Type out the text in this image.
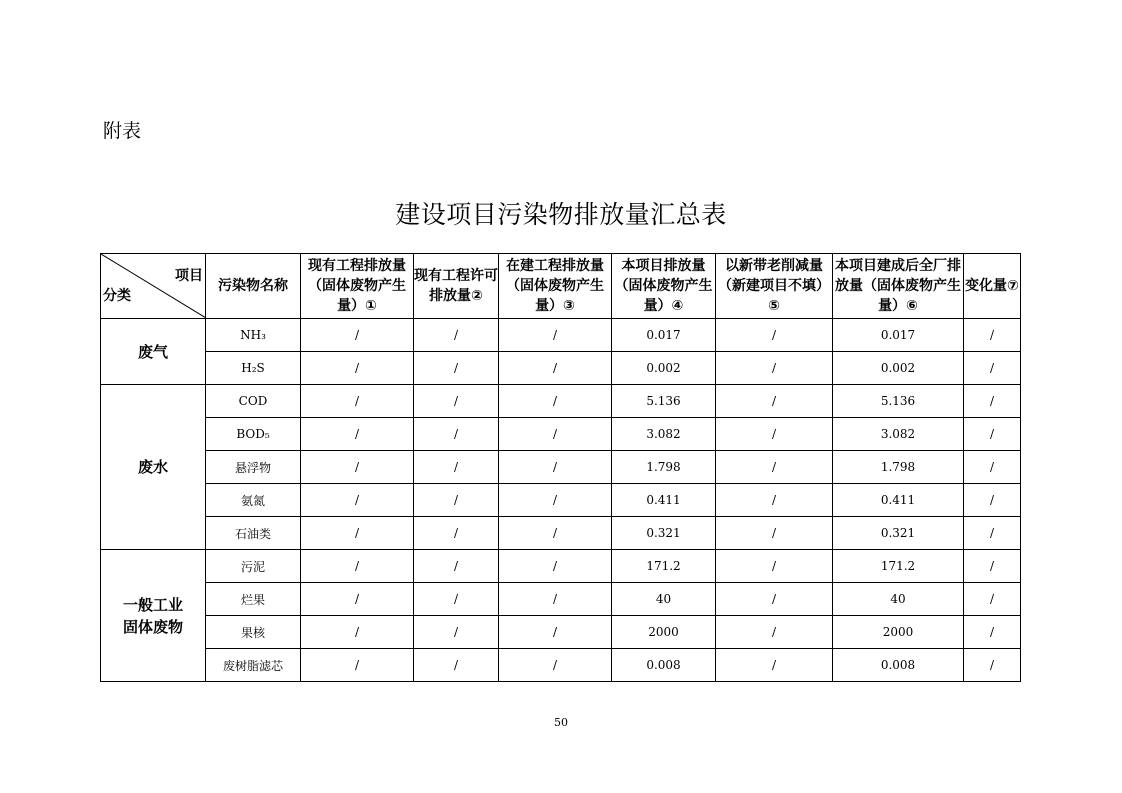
附表
建设项目污染物排放量汇总表
项目
分类	污染物名称	现有工程排放量（固体废物产生量）①	现有工程许可排放量②	在建工程排放量（固体废物产生量）③	本项目排放量（固体废物产生量）④	以新带老削减量（新建项目不填）⑤	本项目建成后全厂排放量（固体废物产生量）⑥	变化量⑦
废气	NH₃	/	/	/	0.017	/	0.017	/
	H₂S	/	/	/	0.002	/	0.002	/
废水	COD	/	/	/	5.136	/	5.136	/
	BOD₅	/	/	/	3.082	/	3.082	/
	悬浮物	/	/	/	1.798	/	1.798	/
	氨氮	/	/	/	0.411	/	0.411	/
	石油类	/	/	/	0.321	/	0.321	/
一般工业固体废物	污泥	/	/	/	171.2	/	171.2	/
	烂果	/	/	/	40	/	40	/
	果核	/	/	/	2000	/	2000	/
	废树脂滤芯	/	/	/	0.008	/	0.008	/
50
